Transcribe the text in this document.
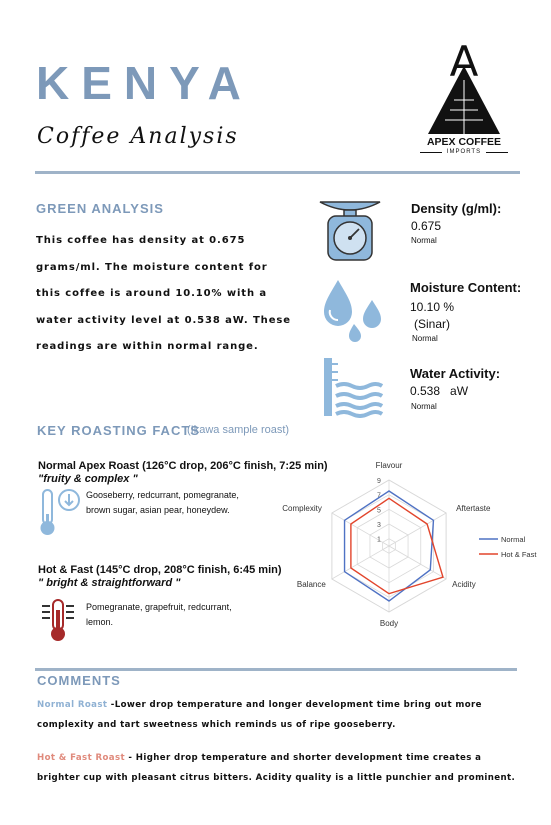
KENYA
Coffee Analysis
A
APEX COFFEE
IMPORTS
GREEN ANALYSIS
This coffee has density at 0.675 grams/ml. The moisture content for this coffee is around 10.10% with a water activity level at 0.538 aW. These readings are within normal range.
Density (g/ml):
0.675
Normal
Moisture Content:
10.10 %
(Sinar)
Normal
Water Activity:
0.538   aW
Normal
KEY ROASTING FACTS
(Ikawa sample roast)
Normal Apex Roast (126°C drop, 206°C finish, 7:25 min)
"fruity & complex "
Gooseberry, redcurrant, pomegranate, brown sugar, asian pear, honeydew.
Hot & Fast (145°C drop, 208°C finish, 6:45 min)
" bright & straightforward "
Pomegranate, grapefruit, redcurrant, lemon.
1
3
5
7
9
Flavour
Aftertaste
Acidity
Body
Balance
Complexity
Normal
Hot & Fast
COMMENTS
Normal Roast -Lower drop temperature and longer development time bring out more complexity and tart sweetness which reminds us of ripe gooseberry.
Hot & Fast Roast - Higher drop temperature and shorter development time creates a brighter cup with pleasant citrus bitters. Acidity quality is a little punchier and prominent.
